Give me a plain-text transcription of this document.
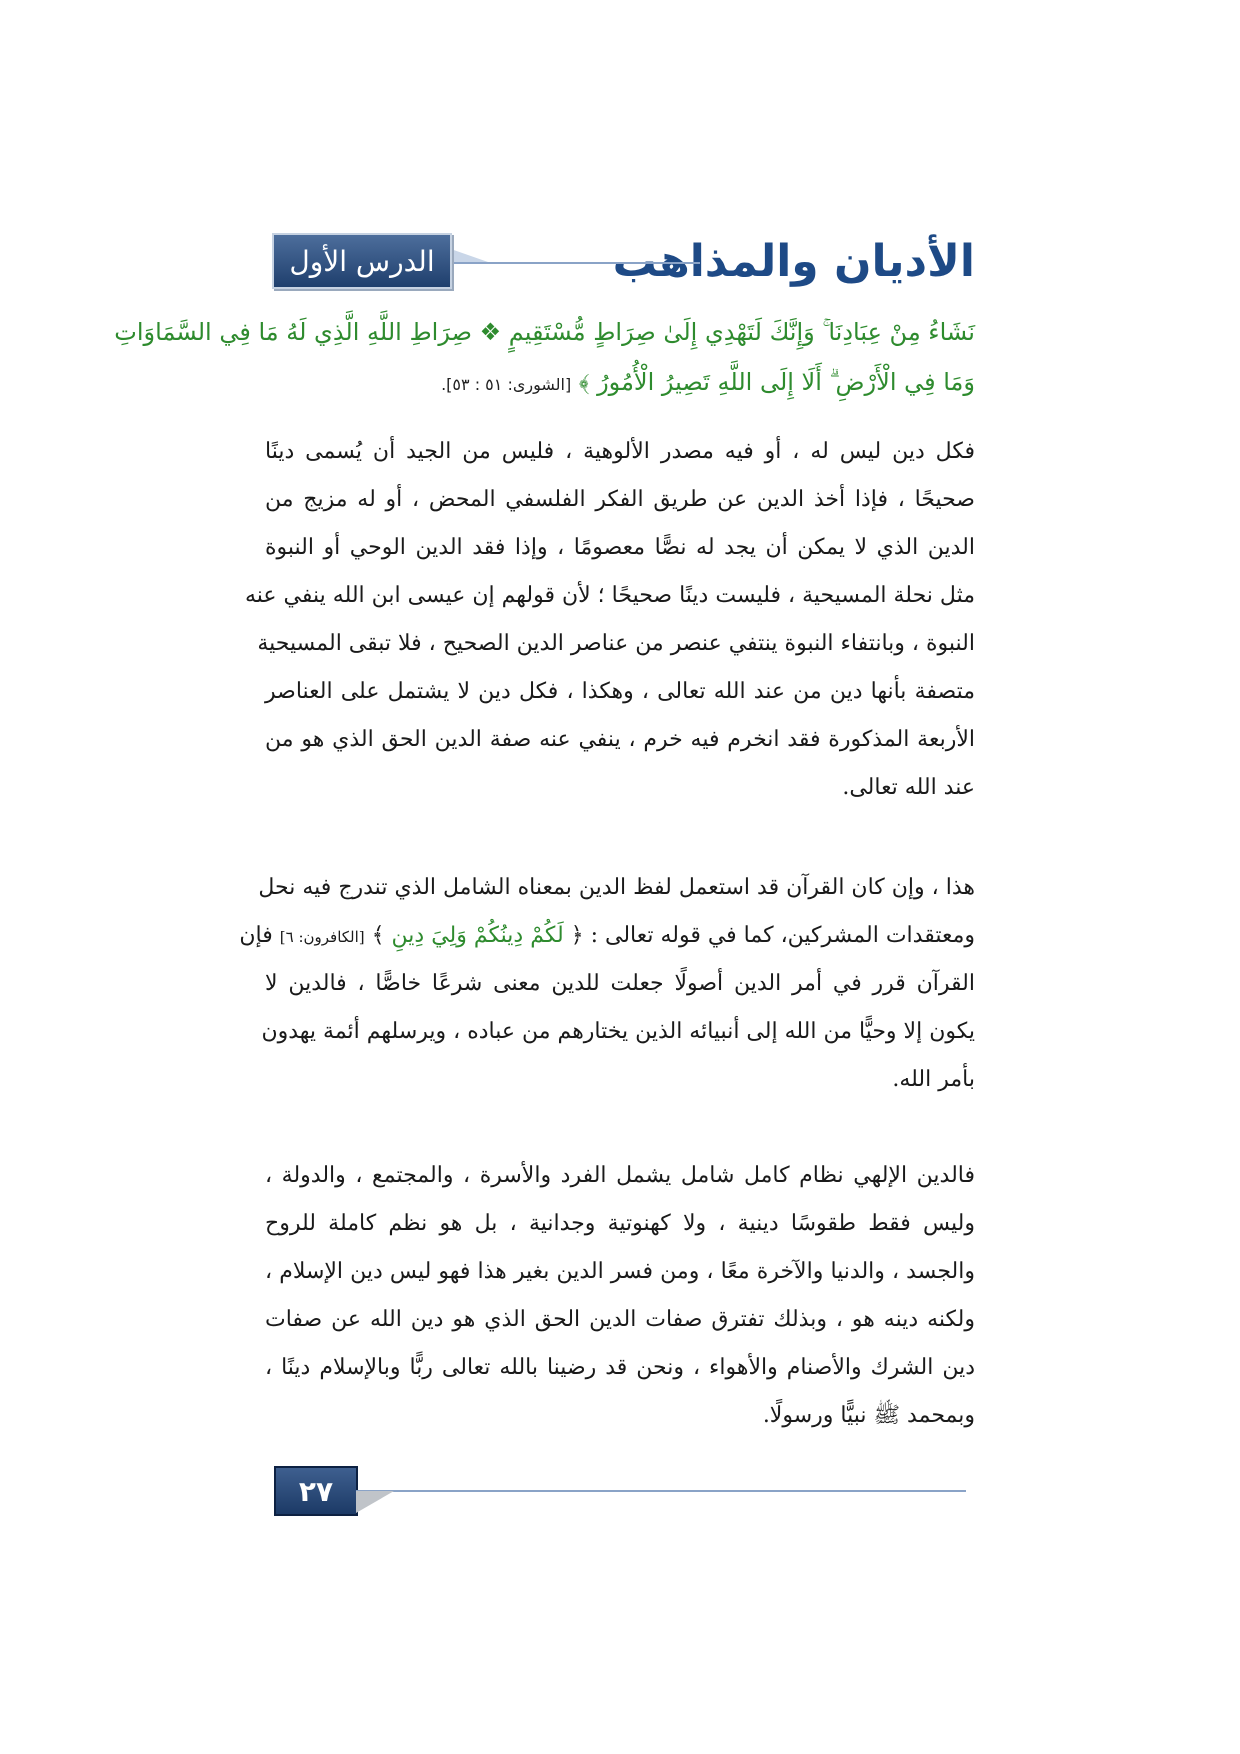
الأديان والمذاهب
الدرس الأول
نَشَاءُ مِنْ عِبَادِنَا ۚ وَإِنَّكَ لَتَهْدِي إِلَىٰ صِرَاطٍ مُّسْتَقِيمٍ ❖ صِرَاطِ اللَّهِ الَّذِي لَهُ مَا فِي السَّمَاوَاتِ
وَمَا فِي الْأَرْضِ ۗ أَلَا إِلَى اللَّهِ تَصِيرُ الْأُمُورُ ﴾ [الشورى: ٥١ : ٥٣].
فكل دين ليس له ، أو فيه مصدر الألوهية ، فليس من الجيد أن يُسمى دينًا
صحيحًا ، فإذا أخذ الدين عن طريق الفكر الفلسفي المحض ، أو له مزيج من
الدين الذي لا يمكن أن يجد له نصًّا معصومًا ، وإذا فقد الدين الوحي أو النبوة
مثل نحلة المسيحية ، فليست دينًا صحيحًا ؛ لأن قولهم إن عيسى ابن الله ينفي عنه
النبوة ، وبانتفاء النبوة ينتفي عنصر من عناصر الدين الصحيح ، فلا تبقى المسيحية
متصفة بأنها دين من عند الله تعالى ، وهكذا ، فكل دين لا يشتمل على العناصر
الأربعة المذكورة فقد انخرم فيه خرم ، ينفي عنه صفة الدين الحق الذي هو من
عند الله تعالى.
هذا ، وإن كان القرآن قد استعمل لفظ الدين بمعناه الشامل الذي تندرج فيه نحل
ومعتقدات المشركين، كما في قوله تعالى : ﴿ لَكُمْ دِينُكُمْ وَلِيَ دِينِ ﴾ [الكافرون: ٦] فإن
القرآن قرر في أمر الدين أصولًا جعلت للدين معنى شرعًا خاصًّا ، فالدين لا
يكون إلا وحيًّا من الله إلى أنبيائه الذين يختارهم من عباده ، ويرسلهم أئمة يهدون
بأمر الله.
فالدين الإلهي نظام كامل شامل يشمل الفرد والأسرة ، والمجتمع ، والدولة ،
وليس فقط طقوسًا دينية ، ولا كهنوتية وجدانية ، بل هو نظم كاملة للروح
والجسد ، والدنيا والآخرة معًا ، ومن فسر الدين بغير هذا فهو ليس دين الإسلام ،
ولكنه دينه هو ، وبذلك تفترق صفات الدين الحق الذي هو دين الله عن صفات
دين الشرك والأصنام والأهواء ، ونحن قد رضينا بالله تعالى ربًّا وبالإسلام دينًا ،
وبمحمد ﷺ نبيًّا ورسولًا.
٢٧
